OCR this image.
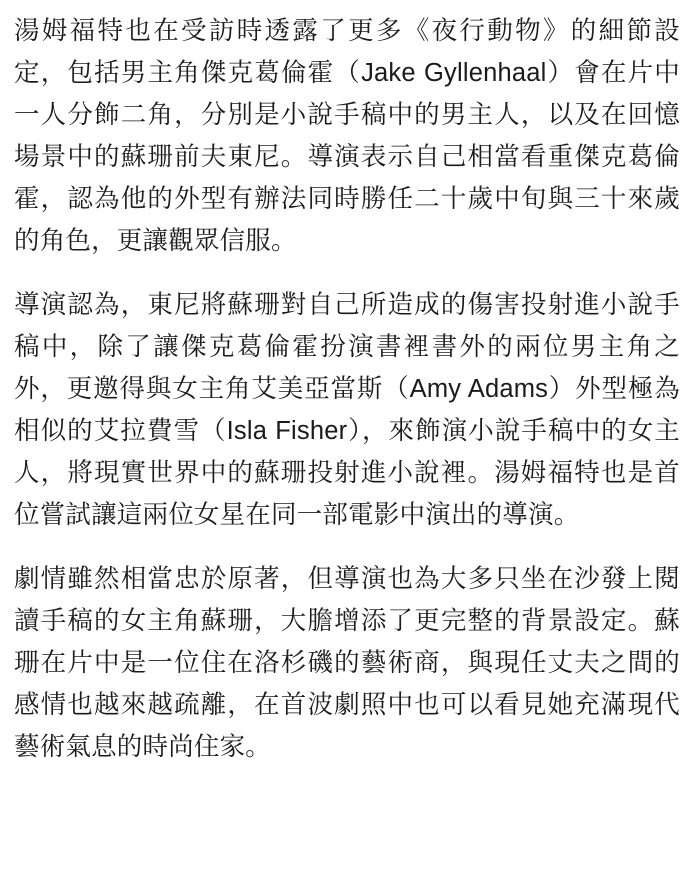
湯姆福特也在受訪時透露了更多《夜行動物》的細節設定，包括男主角傑克葛倫霍（Jake Gyllenhaal）會在片中一人分飾二角，分別是小說手稿中的男主人，以及在回憶場景中的蘇珊前夫東尼。導演表示自己相當看重傑克葛倫霍，認為他的外型有辦法同時勝任二十歲中旬與三十來歲的角色，更讓觀眾信服。

導演認為，東尼將蘇珊對自己所造成的傷害投射進小說手稿中，除了讓傑克葛倫霍扮演書裡書外的兩位男主角之外，更邀得與女主角艾美亞當斯（Amy Adams）外型極為相似的艾拉費雪（Isla Fisher），來飾演小說手稿中的女主人，將現實世界中的蘇珊投射進小說裡。湯姆福特也是首位嘗試讓這兩位女星在同一部電影中演出的導演。

劇情雖然相當忠於原著，但導演也為大多只坐在沙發上閱讀手稿的女主角蘇珊，大膽增添了更完整的背景設定。蘇珊在片中是一位住在洛杉磯的藝術商，與現任丈夫之間的感情也越來越疏離，在首波劇照中也可以看見她充滿現代藝術氣息的時尚住家。
